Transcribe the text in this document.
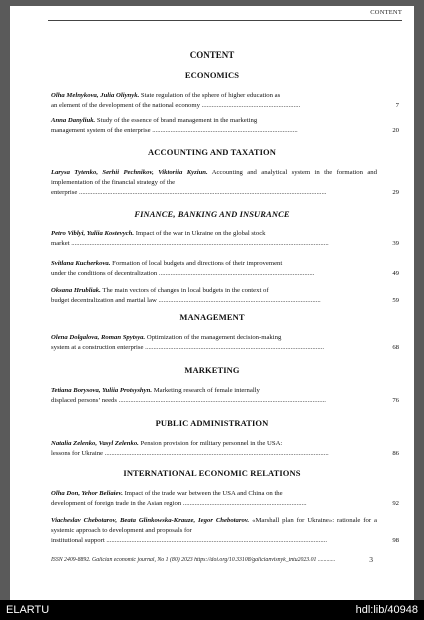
CONTENT
CONTENT
ECONOMICS
Olha Melnykova, Julia Oliynyk. State regulation of the sphere of higher education as
an element of the development of the national economy ...........................................................	7
Anna Danyliuk. Study of the essence of brand management in the marketing
management system of the enterprise .......................................................................................	20
ACCOUNTING AND TAXATION
Larysa Tytenko, Serhii Pechnikov, Viktoriia Kyziun. Accounting and analytical system in the formation and implementation of the financial strategy of the
enterprise ....................................................................................................................................................	29
FINANCE, BANKING AND INSURANCE
Petro Viblyi, Yuliia Kostevych. Impact of the war in Ukraine on the global stock
market ..........................................................................................................................................................	39
Svitlana Kucherkova. Formation of local budgets and directions of their improvement
under the conditions of decentralization .............................................................................................	49
Oksana Hrubliak. The main vectors of changes in local budgets in the context of
budget decentralization and martial law .................................................................................................	59
MANAGEMENT
Olena Dolgalova, Roman Spytsya. Optimization of the management decision-making
system at a construction enterprise ...........................................................................................................	68
MARKETING
Tetiana Borysova, Yuliia Protsyshyn. Marketing research of female internally
displaced persons’ needs ............................................................................................................................	76
PUBLIC ADMINISTRATION
Natalia Zelenko, Vasyl Zelenko. Pension provision for military personnel in the USA:
lessons for Ukraine ......................................................................................................................................	86
INTERNATIONAL ECONOMIC RELATIONS
Olha Don, Yehor Beliaiev. Impact of the trade war between the USA and China on the
development of foreign trade in the Asian region ..........................................................................	92
Viacheslav Chebotarov, Beata Glinkowska-Krauze, Iegor Chebotarov. «Marshall plan for Ukraine»: rationale for a systemic approach to development and proposals for
institutional support ....................................................................................................................................	98
ISSN 2409-8892. Galician economic journal, No 1 (80) 2023 https://doi.org/10.33108/galicianvisnyk_tntu2023.01 ............	3
ELARTU	hdl:lib/40948
